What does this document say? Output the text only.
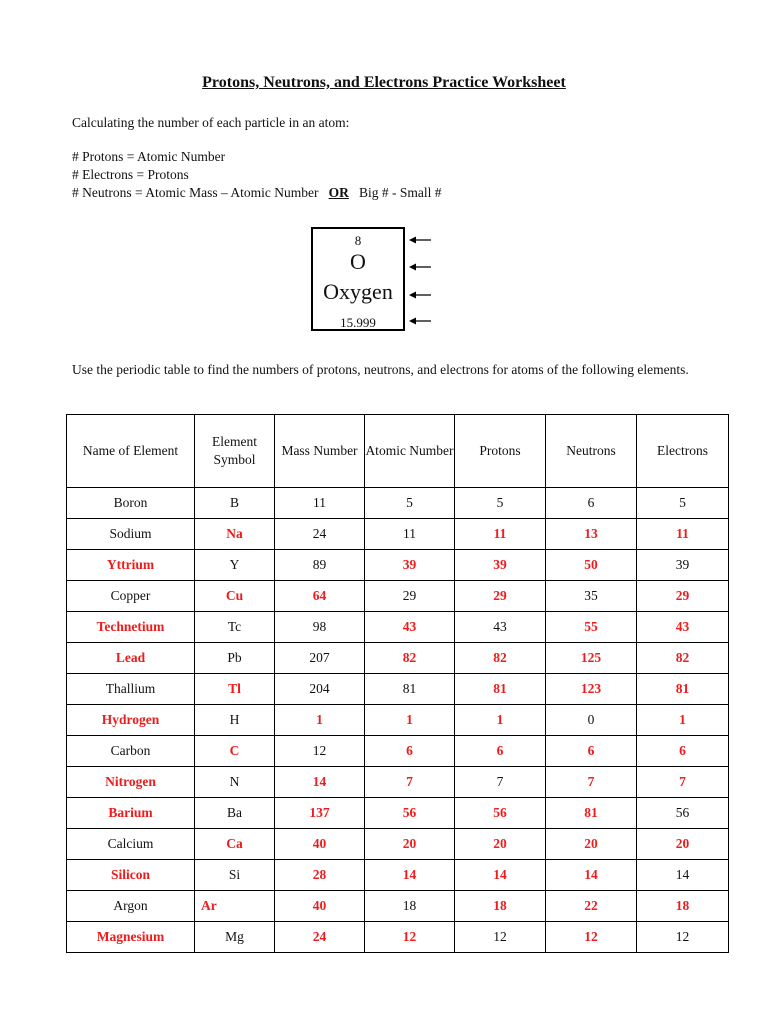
Protons, Neutrons, and Electrons Practice Worksheet
Calculating the number of each particle in an atom:
# Protons = Atomic Number
# Electrons = Protons
# Neutrons = Atomic Mass – Atomic Number OR Big # - Small #
8
O
Oxygen
15.999
Use the periodic table to find the numbers of protons, neutrons, and electrons for atoms of the following elements.
Name of Element	Element Symbol	Mass Number	Atomic Number	Protons	Neutrons	Electrons
Boron	B	11	5	5	6	5
Sodium	Na	24	11	11	13	11
Yttrium	Y	89	39	39	50	39
Copper	Cu	64	29	29	35	29
Technetium	Tc	98	43	43	55	43
Lead	Pb	207	82	82	125	82
Thallium	Tl	204	81	81	123	81
Hydrogen	H	1	1	1	0	1
Carbon	C	12	6	6	6	6
Nitrogen	N	14	7	7	7	7
Barium	Ba	137	56	56	81	56
Calcium	Ca	40	20	20	20	20
Silicon	Si	28	14	14	14	14
Argon	Ar	40	18	18	22	18
Magnesium	Mg	24	12	12	12	12
